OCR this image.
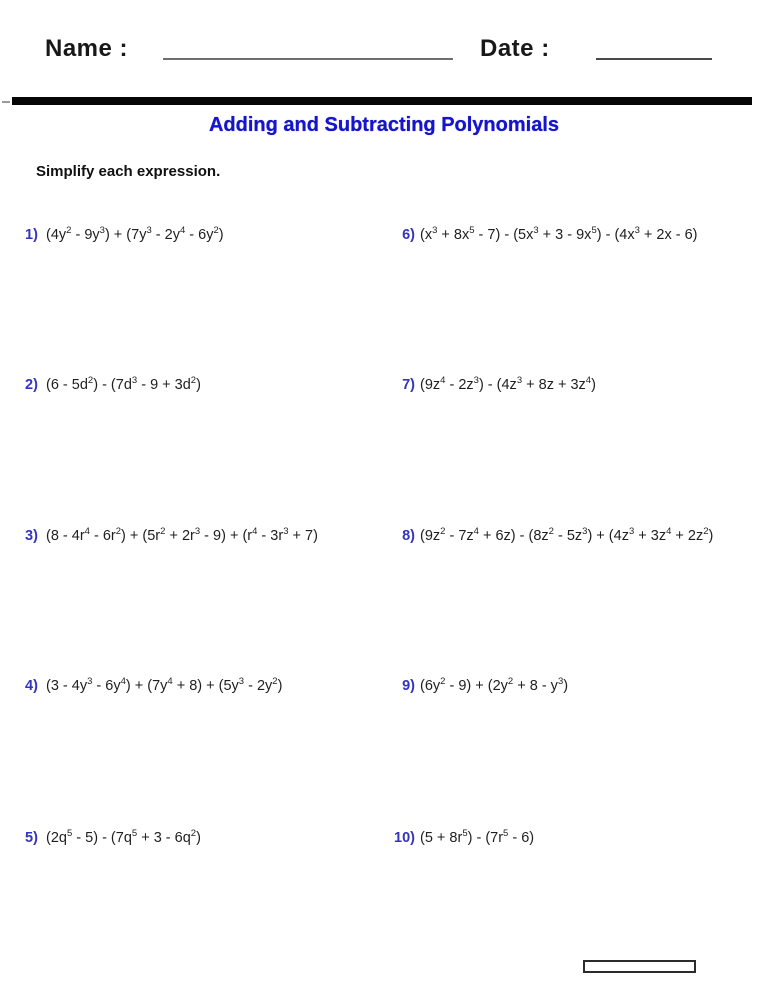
Name :	Date :
Adding and Subtracting Polynomials
Simplify each expression.
1) $(4y^2 - 9y^3) + (7y^3 - 2y^4 - 6y^2)$
2) $(6 - 5d^2) - (7d^3 - 9 + 3d^2)$
3) $(8 - 4r^4 - 6r^2) + (5r^2 + 2r^3 - 9) + (r^4 - 3r^3 + 7)$
4) $(3 - 4y^3 - 6y^4) + (7y^4 + 8) + (5y^3 - 2y^2)$
5) $(2q^5 - 5) - (7q^5 + 3 - 6q^2)$
6) $(x^3 + 8x^5 - 7) - (5x^3 + 3 - 9x^5) - (4x^3 + 2x - 6)$
7) $(9z^4 - 2z^3) - (4z^3 + 8z + 3z^4)$
8) $(9z^2 - 7z^4 + 6z) - (8z^2 - 5z^3) + (4z^3 + 3z^4 + 2z^2)$
9) $(6y^2 - 9) + (2y^2 + 8 - y^3)$
10) $(5 + 8r^5) - (7r^5 - 6)$
